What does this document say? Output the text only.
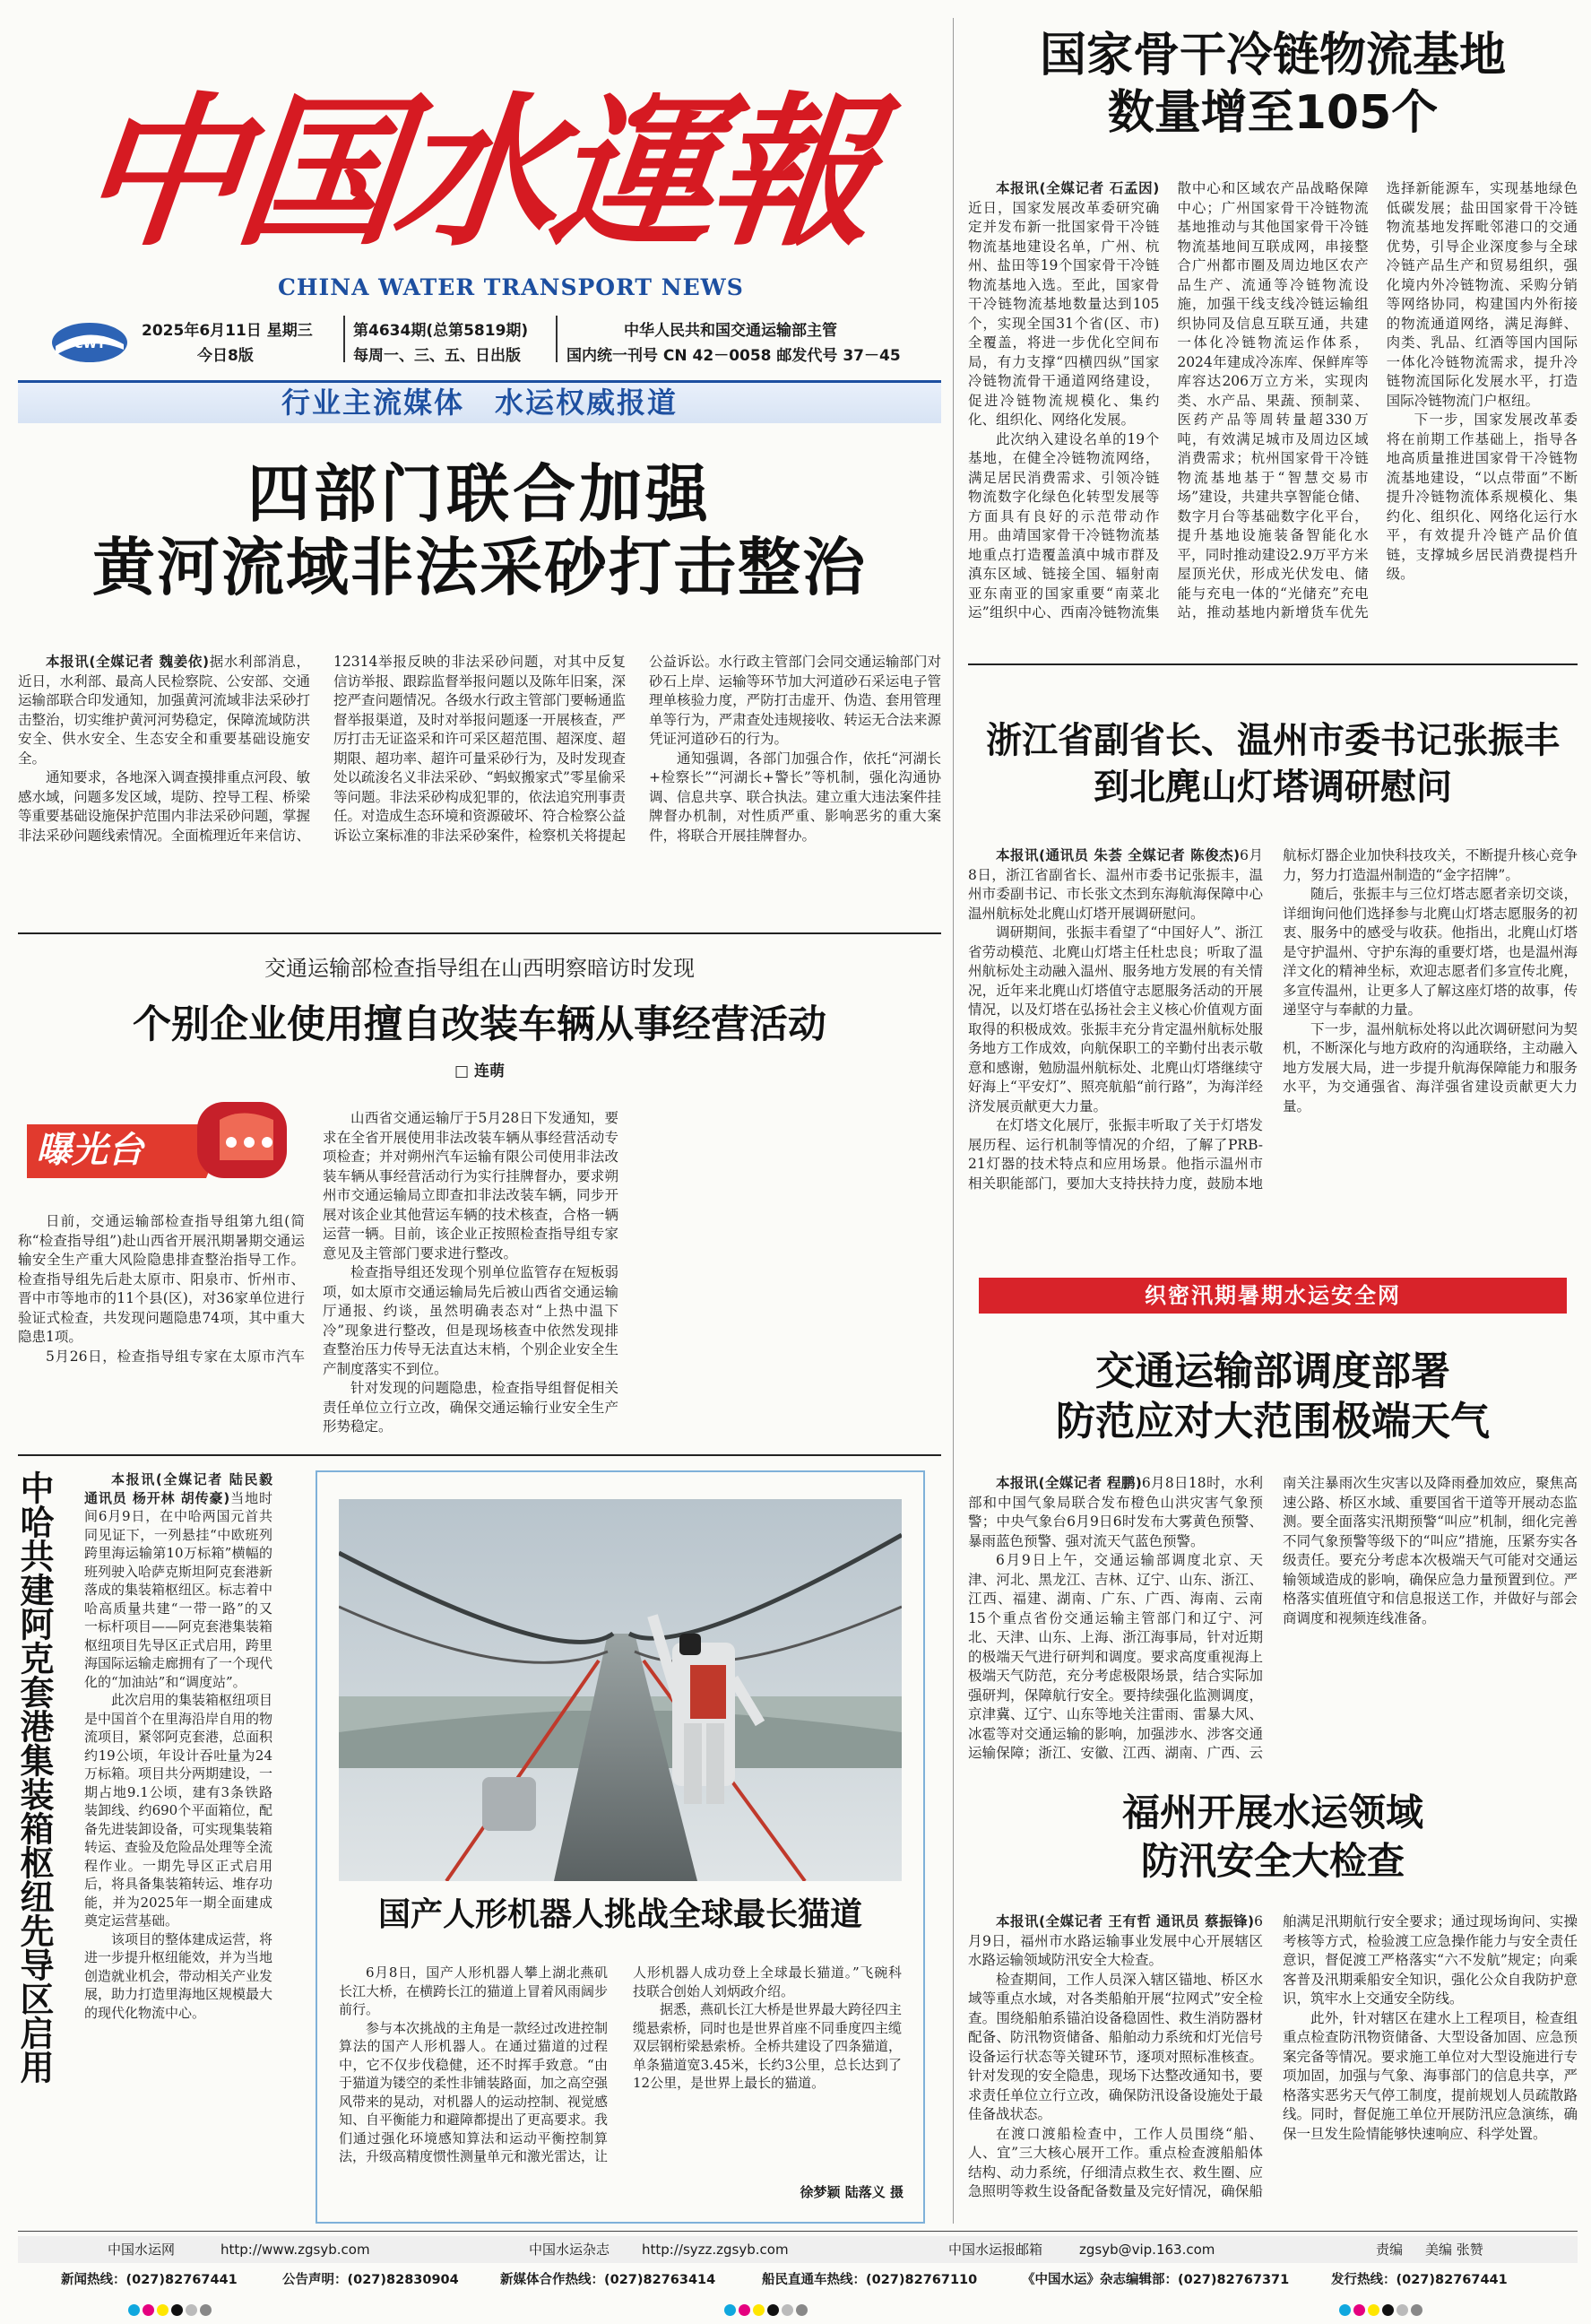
中国水運報
CHINA WATER TRANSPORT NEWS
CWT
2025年6月11日 星期三
今日8版
第4634期(总第5819期)
每周一、三、五、日出版
中华人民共和国交通运输部主管
国内统一刊号 CN 42－0058 邮发代号 37－45
行业主流媒体　水运权威报道
国家骨干冷链物流基地
数量增至105个

本报讯(全媒记者 石孟因)近日，国家发展改革委研究确定并发布新一批国家骨干冷链物流基地建设名单，广州、杭州、盐田等19个国家骨干冷链物流基地入选。至此，国家骨干冷链物流基地数量达到105个，实现全国31个省(区、市)全覆盖，将进一步优化空间布局，有力支撑“四横四纵”国家冷链物流骨干通道网络建设，促进冷链物流规模化、集约化、组织化、网络化发展。

此次纳入建设名单的19个基地，在健全冷链物流网络，满足居民消费需求、引领冷链物流数字化绿色化转型发展等方面具有良好的示范带动作用。曲靖国家骨干冷链物流基地重点打造覆盖滇中城市群及滇东区域、链接全国、辐射南亚东南亚的国家重要“南菜北运”组织中心、西南冷链物流集散中心和区域农产品战略保障中心；广州国家骨干冷链物流基地推动与其他国家骨干冷链物流基地间互联成网，串接整合广州都市圈及周边地区农产品生产、流通等冷链物流设施，加强干线支线冷链运输组织协同及信息互联互通，共建一体化冷链物流运作体系，2024年建成冷冻库、保鲜库等库容达206万立方米，实现肉类、水产品、果蔬、预制菜、医药产品等周转量超330万吨，有效满足城市及周边区域消费需求；杭州国家骨干冷链物流基地基于“智慧交易市场”建设，共建共享智能仓储、数字月台等基础数字化平台，提升基地设施装备智能化水平，同时推动建设2.9万平方米屋顶光伏，形成光伏发电、储能与充电一体的“光储充”充电站，推动基地内新增货车优先选择新能源车，实现基地绿色低碳发展；盐田国家骨干冷链物流基地发挥毗邻港口的交通优势，引导企业深度参与全球冷链产品生产和贸易组织，强化境内外冷链物流、采购分销等网络协同，构建国内外衔接的物流通道网络，满足海鲜、肉类、乳品、红酒等国内国际一体化冷链物流需求，提升冷链物流国际化发展水平，打造国际冷链物流门户枢纽。

下一步，国家发展改革委将在前期工作基础上，指导各地高质量推进国家骨干冷链物流基地建设，“以点带面”不断提升冷链物流体系规模化、集约化、组织化、网络化运行水平，有效提升冷链产品价值链，支撑城乡居民消费提档升级。

四部门联合加强
黄河流域非法采砂打击整治

本报讯(全媒记者 魏姜依)据水利部消息，近日，水利部、最高人民检察院、公安部、交通运输部联合印发通知，加强黄河流域非法采砂打击整治，切实维护黄河河势稳定，保障流域防洪安全、供水安全、生态安全和重要基础设施安全。

通知要求，各地深入调查摸排重点河段、敏感水域，问题多发区域，堤防、控导工程、桥梁等重要基础设施保护范围内非法采砂问题，掌握非法采砂问题线索情况。全面梳理近年来信访、12314举报反映的非法采砂问题，对其中反复信访举报、跟踪监督举报问题以及陈年旧案，深挖严查问题情况。各级水行政主管部门要畅通监督举报渠道，及时对举报问题逐一开展核查，严厉打击无证盗采和许可采区超范围、超深度、超期限、超功率、超许可量采砂行为，及时发现查处以疏浚名义非法采砂、“蚂蚁搬家式”零星偷采等问题。非法采砂构成犯罪的，依法追究刑事责任。对造成生态环境和资源破坏、符合检察公益诉讼立案标准的非法采砂案件，检察机关将提起公益诉讼。水行政主管部门会同交通运输部门对砂石上岸、运输等环节加大河道砂石采运电子管理单核验力度，严防打击虚开、伪造、套用管理单等行为，严肃查处违规接收、转运无合法来源凭证河道砂石的行为。

通知强调，各部门加强合作，依托“河湖长+检察长”“河湖长+警长”等机制，强化沟通协调、信息共享、联合执法。建立重大违法案件挂牌督办机制，对性质严重、影响恶劣的重大案件，将联合开展挂牌督办。

交通运输部检查指导组在山西明察暗访时发现
个别企业使用擅自改装车辆从事经营活动
□ 连萌
曝光台

日前，交通运输部检查指导组第九组(简称“检查指导组”)赴山西省开展汛期暑期交通运输安全生产重大风险隐患排查整治指导工作。检查指导组先后赴太原市、阳泉市、忻州市、晋中市等地市的11个县(区)，对36家单位进行验证式检查，共发现问题隐患74项，其中重大隐患1项。

5月26日，检查指导组专家在太原市汽车

山西省交通运输厅于5月28日下发通知，要求在全省开展使用非法改装车辆从事经营活动专项检查；并对朔州汽车运输有限公司使用非法改装车辆从事经营活动行为实行挂牌督办，要求朔州市交通运输局立即查扣非法改装车辆，同步开展对该企业其他营运车辆的技术核查，合格一辆运营一辆。目前，该企业正按照检查指导组专家意见及主管部门要求进行整改。

检查指导组还发现个别单位监管存在短板弱项，如太原市交通运输局先后被山西省交通运输厅通报、约谈，虽然明确表态对“上热中温下冷”现象进行整改，但是现场核查中依然发现排查整治压力传导无法直达末梢，个别企业安全生产制度落实不到位。

针对发现的问题隐患，检查指导组督促相关责任单位立行立改，确保交通运输行业安全生产形势稳定。

浙江省副省长、温州市委书记张振丰
到北麂山灯塔调研慰问

本报讯(通讯员 朱荟 全媒记者 陈俊杰)6月8日，浙江省副省长、温州市委书记张振丰，温州市委副书记、市长张文杰到东海航海保障中心温州航标处北麂山灯塔开展调研慰问。

调研期间，张振丰看望了“中国好人”、浙江省劳动模范、北麂山灯塔主任杜忠良；听取了温州航标处主动融入温州、服务地方发展的有关情况，近年来北麂山灯塔值守志愿服务活动的开展情况，以及灯塔在弘扬社会主义核心价值观方面取得的积极成效。张振丰充分肯定温州航标处服务地方工作成效，向航保职工的辛勤付出表示敬意和感谢，勉励温州航标处、北麂山灯塔继续守好海上“平安灯”、照亮航船“前行路”，为海洋经济发展贡献更大力量。

在灯塔文化展厅，张振丰听取了关于灯塔发展历程、运行机制等情况的介绍，了解了PRB-21灯器的技术特点和应用场景。他指示温州市相关职能部门，要加大支持扶持力度，鼓励本地航标灯器企业加快科技攻关，不断提升核心竞争力，努力打造温州制造的“金字招牌”。

随后，张振丰与三位灯塔志愿者亲切交谈，详细询问他们选择参与北麂山灯塔志愿服务的初衷、服务中的感受与收获。他指出，北麂山灯塔是守护温州、守护东海的重要灯塔，也是温州海洋文化的精神坐标，欢迎志愿者们多宣传北麂，多宣传温州，让更多人了解这座灯塔的故事，传递坚守与奉献的力量。

下一步，温州航标处将以此次调研慰问为契机，不断深化与地方政府的沟通联络，主动融入地方发展大局，进一步提升航海保障能力和服务水平，为交通强省、海洋强省建设贡献更大力量。

织密汛期暑期水运安全网
交通运输部调度部署
防范应对大范围极端天气

本报讯(全媒记者 程鹏)6月8日18时，水利部和中国气象局联合发布橙色山洪灾害气象预警；中央气象台6月9日6时发布大雾黄色预警、暴雨蓝色预警、强对流天气蓝色预警。

6月9日上午，交通运输部调度北京、天津、河北、黑龙江、吉林、辽宁、山东、浙江、江西、福建、湖南、广东、广西、海南、云南15个重点省份交通运输主管部门和辽宁、河北、天津、山东、上海、浙江海事局，针对近期的极端天气进行研判和调度。要求高度重视海上极端天气防范，充分考虑极限场景，结合实际加强研判，保障航行安全。要持续强化监测调度，京津冀、辽宁、山东等地关注雷雨、雷暴大风、冰雹等对交通运输的影响，加强涉水、涉客交通运输保障；浙江、安徽、江西、湖南、广西、云南关注暴雨次生灾害以及降雨叠加效应，聚焦高速公路、桥区水域、重要国省干道等开展动态监测。要全面落实汛期预警“叫应”机制，细化完善不同气象预警等级下的“叫应”措施，压紧夯实各级责任。要充分考虑本次极端天气可能对交通运输领域造成的影响，确保应急力量预置到位。严格落实值班值守和信息报送工作，并做好与部会商调度和视频连线准备。

福州开展水运领域
防汛安全大检查

本报讯(全媒记者 王有哲 通讯员 蔡振锋)6月9日，福州市水路运输事业发展中心开展辖区水路运输领域防汛安全大检查。

检查期间，工作人员深入辖区锚地、桥区水域等重点水域，对各类船舶开展“拉网式”安全检查。围绕船舶系锚泊设备稳固性、救生消防器材配备、防汛物资储备、船舶动力系统和灯光信号设备运行状态等关键环节，逐项对照标准核查。针对发现的安全隐患，现场下达整改通知书，要求责任单位立行立改，确保防汛设备设施处于最佳备战状态。

在渡口渡船检查中，工作人员围绕“船、人、宜”三大核心展开工作。重点检查渡船船体结构、动力系统，仔细清点救生衣、救生圈、应急照明等救生设备配备数量及完好情况，确保船舶满足汛期航行安全要求；通过现场询问、实操考核等方式，检验渡工应急操作能力与安全责任意识，督促渡工严格落实“六不发航”规定；向乘客普及汛期乘船安全知识，强化公众自我防护意识，筑牢水上交通安全防线。

此外，针对辖区在建水上工程项目，检查组重点检查防汛物资储备、大型设备加固、应急预案完备等情况。要求施工单位对大型设施进行专项加固，加强与气象、海事部门的信息共享，严格落实恶劣天气停工制度，提前规划人员疏散路线。同时，督促施工单位开展防汛应急演练，确保一旦发生险情能够快速响应、科学处置。

中哈共建阿克套港集装箱枢纽先导区启用	本报讯(全媒记者 陆民毅 通讯员 杨开林 胡传豪)当地时间6月9日，在中哈两国元首共同见证下，一列悬挂“中欧班列跨里海运输第10万标箱”横幅的班列驶入哈萨克斯坦阿克套港新落成的集装箱枢纽区。标志着中哈高质量共建“一带一路”的又一标杆项目——阿克套港集装箱枢纽项目先导区正式启用，跨里海国际运输走廊拥有了一个现代化的“加油站”和“调度站”。

此次启用的集装箱枢纽项目是中国首个在里海沿岸自用的物流项目，紧邻阿克套港，总面积约19公顷，年设计吞吐量为24万标箱。项目共分两期建设，一期占地9.1公顷，建有3条铁路装卸线、约690个平面箱位，配备先进装卸设备，可实现集装箱转运、查验及危险品处理等全流程作业。一期先导区正式启用后，将具备集装箱转运、堆存功能，并为2025年一期全面建成奠定运营基础。

该项目的整体建成运营，将进一步提升枢纽能效，并为当地创造就业机会，带动相关产业发展，助力打造里海地区规模最大的现代化物流中心。

国产人形机器人挑战全球最长猫道

6月8日，国产人形机器人攀上湖北燕矶长江大桥，在横跨长江的猫道上冒着风雨阔步前行。

参与本次挑战的主角是一款经过改进控制算法的国产人形机器人。在通过猫道的过程中，它不仅步伐稳健，还不时挥手致意。“由于猫道为镂空的柔性非铺装路面，加之高空强风带来的晃动，对机器人的运动控制、视觉感知、自平衡能力和避障都提出了更高要求。我们通过强化环境感知算法和运动平衡控制算法，升级高精度惯性测量单元和激光雷达，让人形机器人成功登上全球最长猫道。”飞碗科技联合创始人刘炳政介绍。

据悉，燕矶长江大桥是世界最大跨径四主缆悬索桥，同时也是世界首座不同垂度四主缆双层钢桁梁悬索桥。全桥共建设了四条猫道，单条猫道宽3.45米，长约3公里，总长达到了12公里，是世界上最长的猫道。

徐梦颖 陆落义 摄
中国水运网	http://www.zgsyb.com	中国水运杂志 http://syzz.zgsyb.com	中国水运报邮箱	zgsyb@vip.163.com	责编 美编 张赞
新闻热线：(027)82767441	公告声明：(027)82830904	新媒体合作热线：(027)82763414	船民直通车热线：(027)82767110	《中国水运》杂志编辑部：(027)82767371	发行热线：(027)82767441
